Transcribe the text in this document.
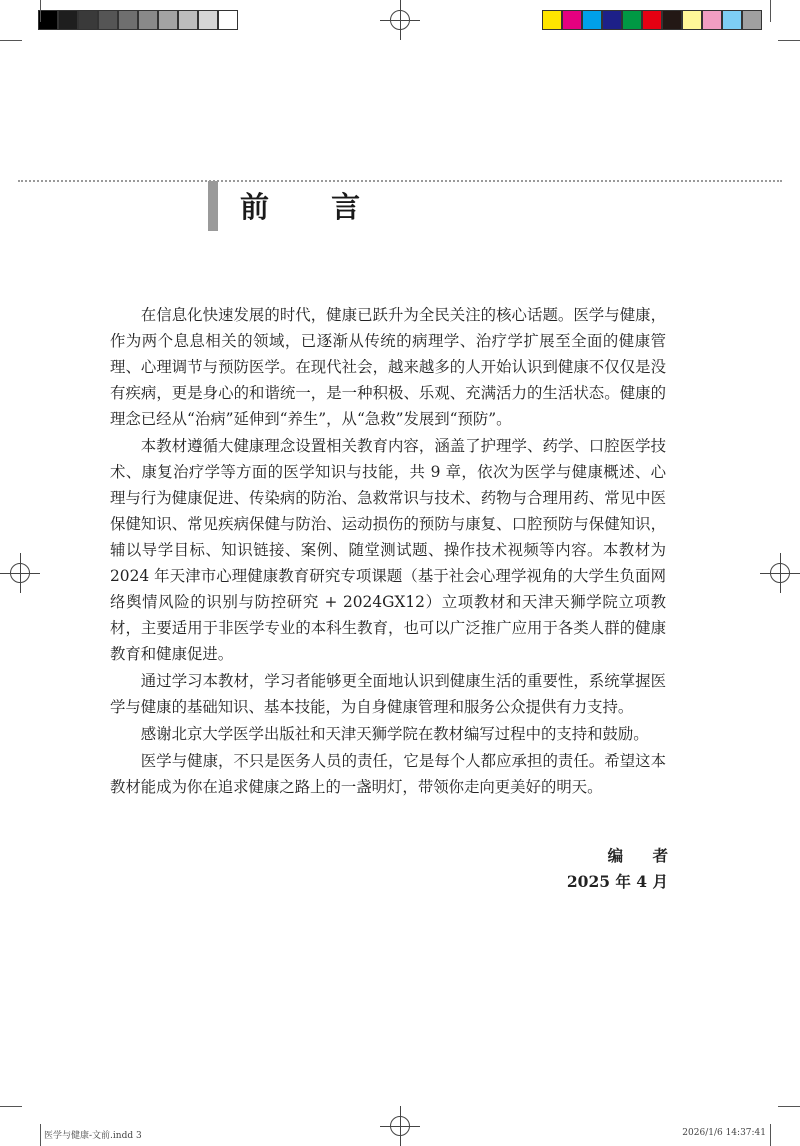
前 言

在信息化快速发展的时代，健康已跃升为全民关注的核心话题。医学与健康，作为两个息息相关的领域，已逐渐从传统的病理学、治疗学扩展至全面的健康管理、心理调节与预防医学。在现代社会，越来越多的人开始认识到健康不仅仅是没有疾病，更是身心的和谐统一，是一种积极、乐观、充满活力的生活状态。健康的理念已经从“治病”延伸到“养生”，从“急救”发展到“预防”。

本教材遵循大健康理念设置相关教育内容，涵盖了护理学、药学、口腔医学技术、康复治疗学等方面的医学知识与技能，共 9 章，依次为医学与健康概述、心理与行为健康促进、传染病的防治、急救常识与技术、药物与合理用药、常见中医保健知识、常见疾病保健与防治、运动损伤的预防与康复、口腔预防与保健知识，辅以导学目标、知识链接、案例、随堂测试题、操作技术视频等内容。本教材为 2024 年天津市心理健康教育研究专项课题（基于社会心理学视角的大学生负面网络舆情风险的识别与防控研究 + 2024GX12）立项教材和天津天狮学院立项教材，主要适用于非医学专业的本科生教育，也可以广泛推广应用于各类人群的健康教育和健康促进。

通过学习本教材，学习者能够更全面地认识到健康生活的重要性，系统掌握医学与健康的基础知识、基本技能，为自身健康管理和服务公众提供有力支持。

感谢北京大学医学出版社和天津天狮学院在教材编写过程中的支持和鼓励。

医学与健康，不只是医务人员的责任，它是每个人都应承担的责任。希望这本教材能成为你在追求健康之路上的一盏明灯，带领你走向更美好的明天。

编 者
2025 年 4 月
医学与健康-文前.indd 3	2026/1/6 14:37:41
